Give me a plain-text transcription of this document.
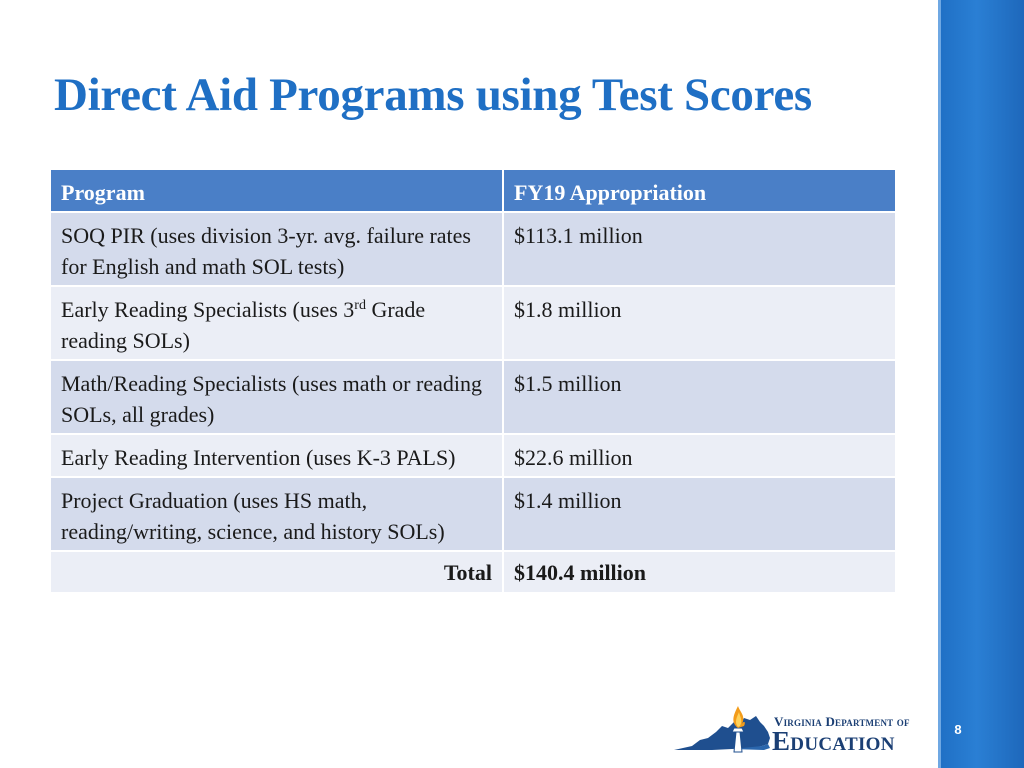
8
Direct Aid Programs using Test Scores
Program	FY19 Appropriation
SOQ PIR (uses division 3-yr. avg. failure rates for English and math SOL tests)	$113.1 million
Early Reading Specialists (uses 3rd Grade reading SOLs)	$1.8 million
Math/Reading Specialists (uses math or reading SOLs, all grades)	$1.5 million
Early Reading Intervention (uses K-3 PALS)	$22.6 million
Project Graduation (uses HS math, reading/writing, science, and history SOLs)	$1.4 million
Total	$140.4 million
Virginia Department of
Education
